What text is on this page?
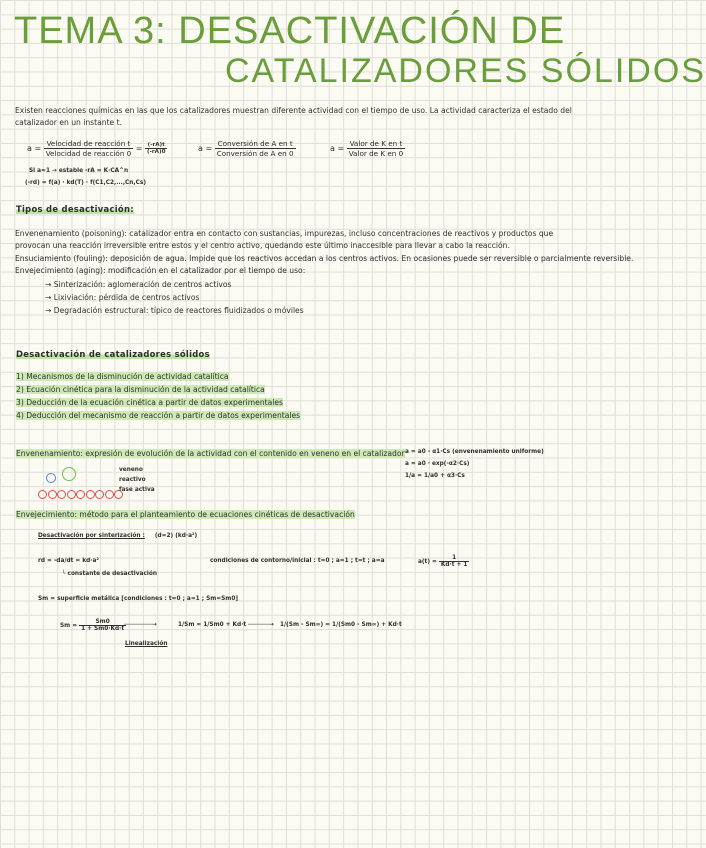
TEMA 3: DESACTIVACIÓN DE
CATALIZADORES SÓLIDOS
Existen reacciones químicas en las que los catalizadores muestran diferente actividad con el tiempo de uso. La actividad caracteriza el estado del catalizador en un instante t.
$a = \frac{\text{Velocidad de reacción t}}{\text{Velocidad de reacción 0}} = \frac{(-rA)t}{(-rA)0}$	$a = \frac{\text{Conversión de A en t}}{\text{Conversión de A en 0}}$	$a = \frac{\text{Valor de K en t}}{\text{Valor de K en 0}}$
Si a≈1 → estable -rA = K·CA^n
(-rd) = f(a) · kd(T) · f(C1,C2,...,Cn,Cs)
Tipos de desactivación:
Envenenamiento (poisoning): catalizador entra en contacto con sustancias, impurezas, incluso concentraciones de reactivos y productos que provocan una reacción irreversible entre estos y el centro activo, quedando este último inaccesible para llevar a cabo la reacción.
Ensuciamiento (fouling): deposición de agua. Impide que los reactivos accedan a los centros activos. En ocasiones puede ser reversible o parcialmente reversible.
Envejecimiento (aging): modificación en el catalizador por el tiempo de uso:
→ Sinterización: aglomeración de centros activos
→ Lixiviación: pérdida de centros activos
→ Degradación estructural: típico de reactores fluidizados o móviles
Desactivación de catalizadores sólidos
1) Mecanismos de la disminución de actividad catalítica
2) Ecuación cinética para la disminución de la actividad catalítica
3) Deducción de la ecuación cinética a partir de datos experimentales
4) Deducción del mecanismo de reacción a partir de datos experimentales
Envenenamiento: expresión de evolución de la actividad con el contenido en veneno en el catalizador a = a0 - α1·Cs (envenenamiento uniforme)
a = a0 · exp(-α2·Cs)
1/a = 1/a0 + α3·Cs
veneno
reactivo
fase activa
Envejecimiento: método para el planteamiento de ecuaciones cinéticas de desactivación
Desactivación por sinterización : (d=2) (kd·a²)
rd = -da/dt = kd·a²
└ constante de desactivación
condiciones de contorno/inicial : t=0 ; a=1 ; t=t ; a=a	$a(t) = \frac{1}{Kd\cdot t + 1}$
Sm = superficie metálica [condiciones : t=0 ; a=1 ; Sm=Sm0]
$Sm = \frac{Sm0}{1 + Sm0\cdot Kd\cdot t}$
Linealización
────────→	1/Sm = 1/Sm0 + Kd·t ──────→ 1/(Sm - Sm∞) = 1/(Sm0 - Sm∞) + Kd·t
